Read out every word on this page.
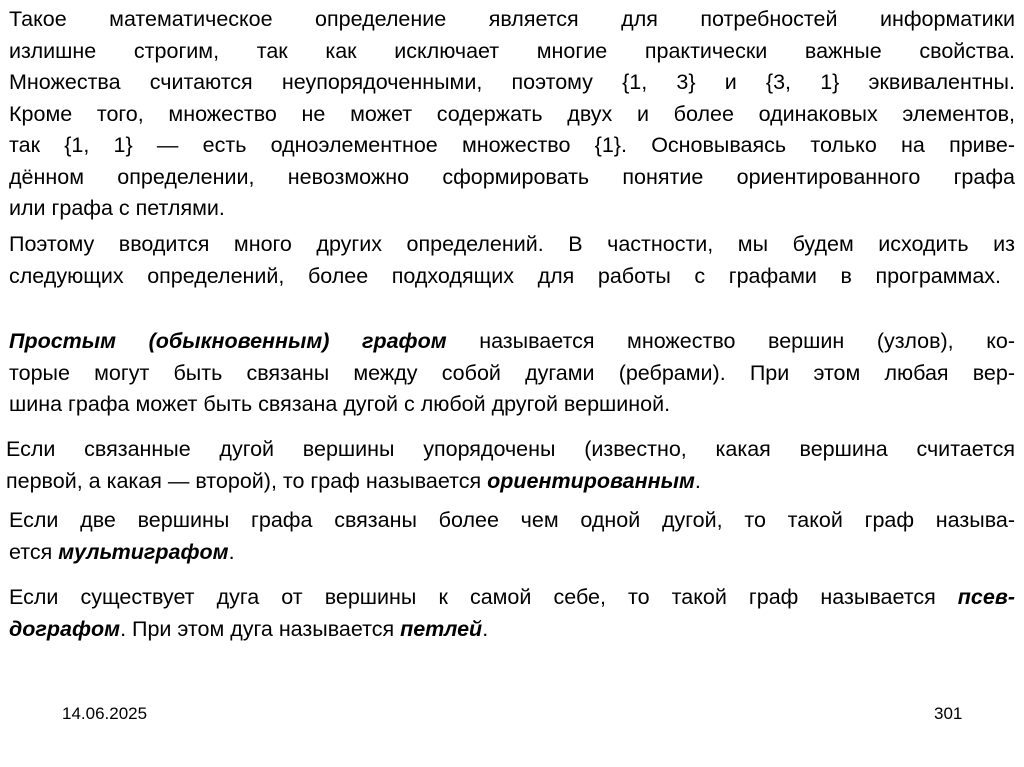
Такое математическое определение является для потребностей информатики
излишне строгим, так как исключает многие практически важные свойства.
Множества считаются неупорядоченными, поэтому {1, 3} и {3, 1} эквивалентны.
Кроме того, множество не может содержать двух и более одинаковых элементов,
так {1, 1} — есть одноэлементное множество {1}. Основываясь только на приве-
дённом определении, невозможно сформировать понятие ориентированного графа
или графа с петлями.
Поэтому вводится много других определений. В частности, мы будем исходить из
следующих определений, более подходящих для работы с графами в программах.
Простым (обыкновенным) графом называется множество вершин (узлов), ко-
торые могут быть связаны между собой дугами (ребрами). При этом любая вер-
шина графа может быть связана дугой с любой другой вершиной.
Если связанные дугой вершины упорядочены (известно, какая вершина считается
первой, а какая — второй), то граф называется ориентированным.
Если две вершины графа связаны более чем одной дугой, то такой граф называ-
ется мультиграфом.
Если существует дуга от вершины к самой себе, то такой граф называется псев-
дографом. При этом дуга называется петлей.
14.06.2025	301
